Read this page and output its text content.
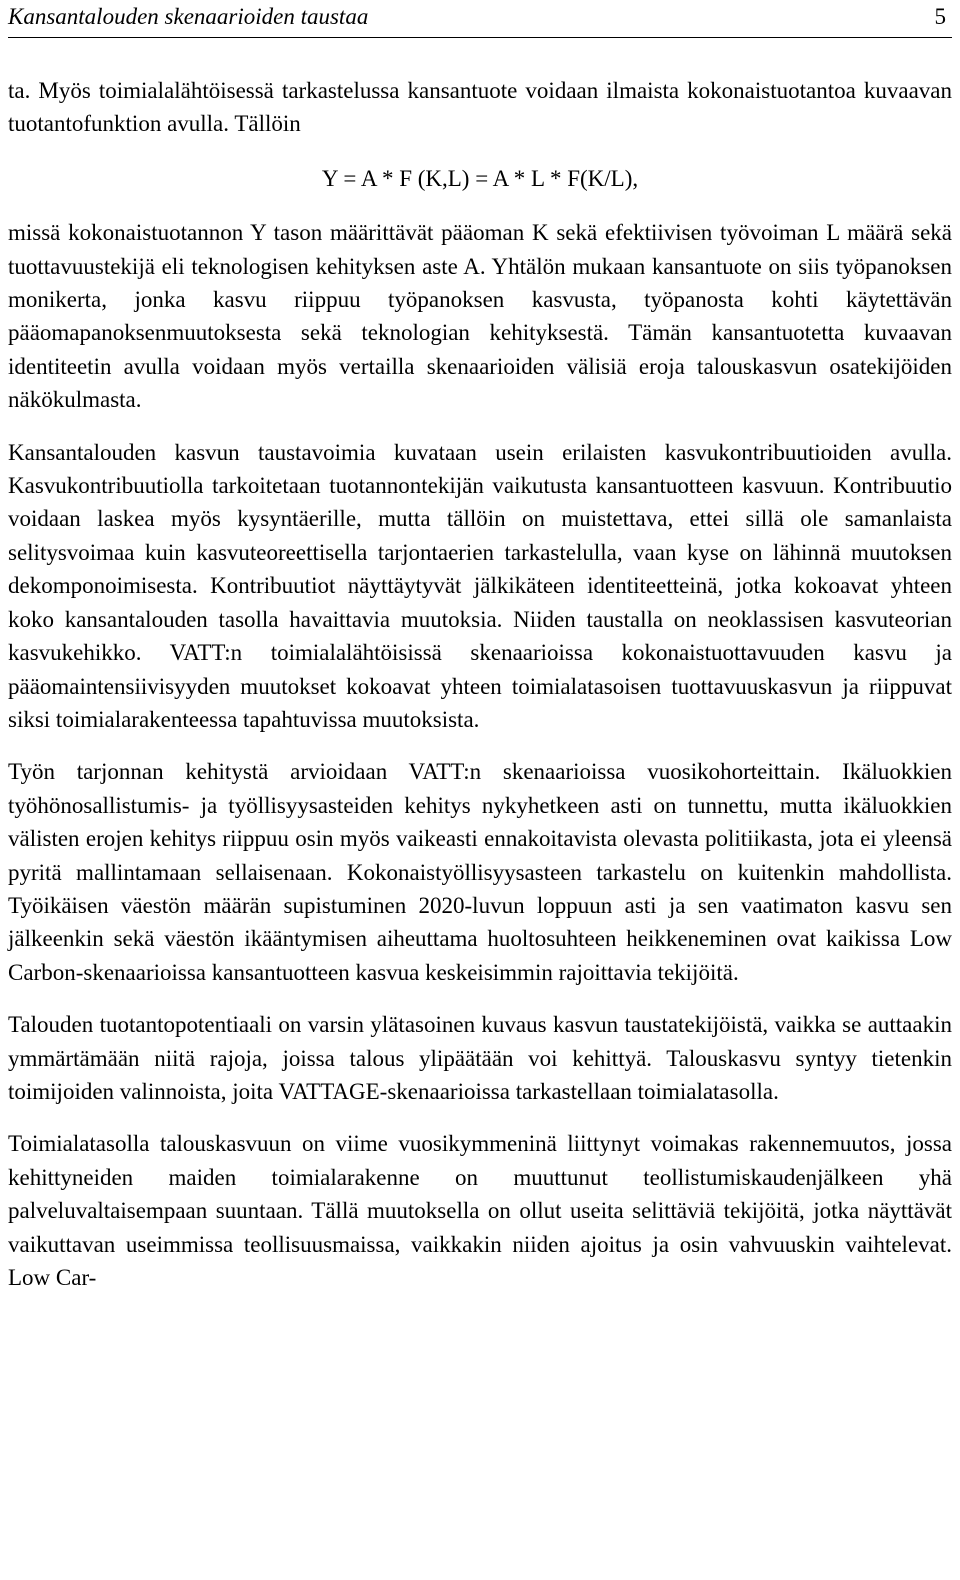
Kansantalouden skenaarioiden taustaa	5

ta. Myös toimialalähtöisessä tarkastelussa kansantuote voidaan ilmaista kokonaistuotantoa kuvaavan tuotantofunktion avulla. Tällöin

Y = A * F (K,L) = A * L * F(K/L),

missä kokonaistuotannon Y tason määrittävät pääoman K sekä efektiivisen työvoiman L määrä sekä tuottavuustekijä eli teknologisen kehityksen aste A. Yhtälön mukaan kansantuote on siis työpanoksen monikerta, jonka kasvu riippuu työpanoksen kasvusta, työpanosta kohti käytettävän pääomapanoksenmuutoksesta sekä teknologian kehityksestä. Tämän kansantuotetta kuvaavan identiteetin avulla voidaan myös vertailla skenaarioiden välisiä eroja talouskasvun osatekijöiden näkökulmasta.

Kansantalouden kasvun taustavoimia kuvataan usein erilaisten kasvukontribuutioiden avulla. Kasvukontribuutiolla tarkoitetaan tuotannontekijän vaikutusta kansantuotteen kasvuun. Kontribuutio voidaan laskea myös kysyntäerille, mutta tällöin on muistettava, ettei sillä ole samanlaista selitysvoimaa kuin kasvuteoreettisella tarjontaerien tarkastelulla, vaan kyse on lähinnä muutoksen dekomponoimisesta. Kontribuutiot näyttäytyvät jälkikäteen identiteetteinä, jotka kokoavat yhteen koko kansantalouden tasolla havaittavia muutoksia. Niiden taustalla on neoklassisen kasvuteorian kasvukehikko. VATT:n toimialalähtöisissä skenaarioissa kokonaistuottavuuden kasvu ja pääomaintensiivisyyden muutokset kokoavat yhteen toimialatasoisen tuottavuuskasvun ja riippuvat siksi toimialarakenteessa tapahtuvissa muutoksista.

Työn tarjonnan kehitystä arvioidaan VATT:n skenaarioissa vuosikohorteittain. Ikäluokkien työhönosallistumis- ja työllisyysasteiden kehitys nykyhetkeen asti on tunnettu, mutta ikäluokkien välisten erojen kehitys riippuu osin myös vaikeasti ennakoitavista olevasta politiikasta, jota ei yleensä pyritä mallintamaan sellaisenaan. Kokonaistyöllisyysasteen tarkastelu on kuitenkin mahdollista. Työikäisen väestön määrän supistuminen 2020-luvun loppuun asti ja sen vaatimaton kasvu sen jälkeenkin sekä väestön ikääntymisen aiheuttama huoltosuhteen heikkeneminen ovat kaikissa Low Carbon-skenaarioissa kansantuotteen kasvua keskeisimmin rajoittavia tekijöitä.

Talouden tuotantopotentiaali on varsin ylätasoinen kuvaus kasvun taustatekijöistä, vaikka se auttaakin ymmärtämään niitä rajoja, joissa talous ylipäätään voi kehittyä. Talouskasvu syntyy tietenkin toimijoiden valinnoista, joita VATTAGE-skenaarioissa tarkastellaan toimialatasolla.

Toimialatasolla talouskasvuun on viime vuosikymmeninä liittynyt voimakas rakennemuutos, jossa kehittyneiden maiden toimialarakenne on muuttunut teollistumiskaudenjälkeen yhä palveluvaltaisempaan suuntaan. Tällä muutoksella on ollut useita selittäviä tekijöitä, jotka näyttävät vaikuttavan useimmissa teollisuusmaissa, vaikkakin niiden ajoitus ja osin vahvuuskin vaihtelevat. Low Car-
